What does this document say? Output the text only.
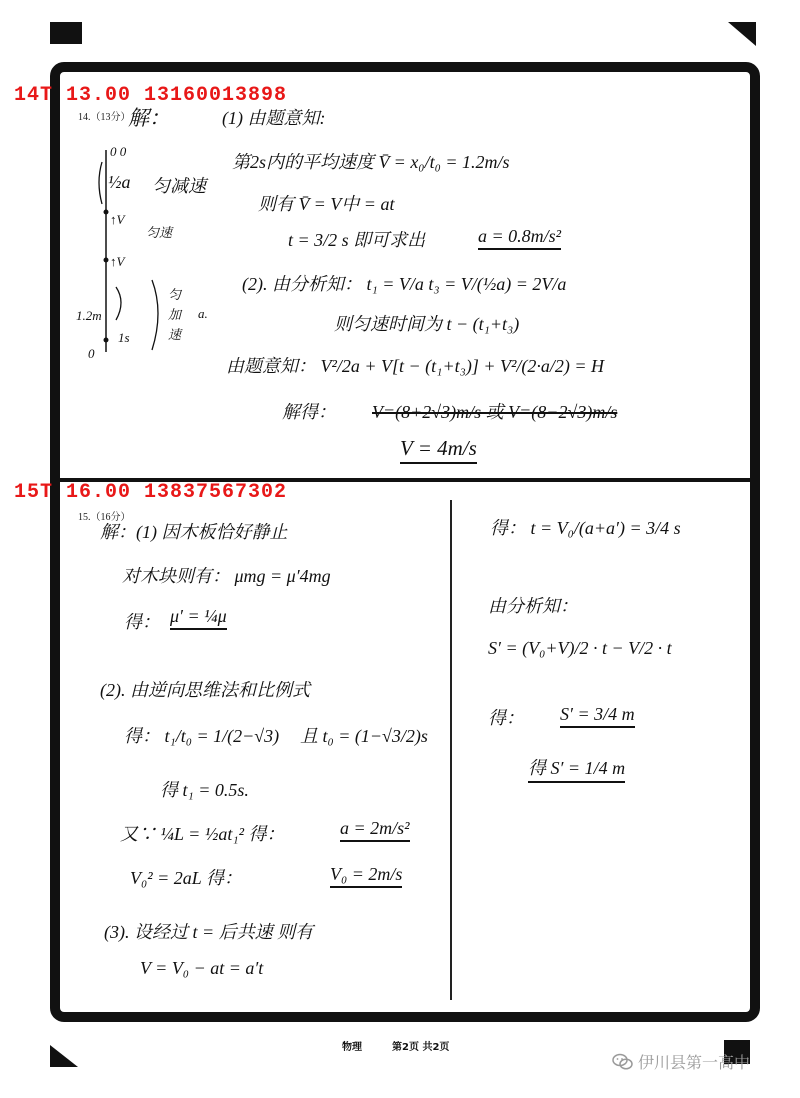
14T 13.00 13160013898
15T 16.00 13837567302
14.（13分）
解：	(1) 由题意知:
第2s内的平均速度 V̄ = x₀/t₀ = 1.2m/s
则有 V̄ = V中 = at
t = 3/2 s 即可求出	a = 0.8m/s²
(2). 由分析知： t₁ = V/a t₃ = V/(½a) = 2V/a
则匀速时间为 t − (t₁+t₃)
由题意知： V²/2a + V[t − (t₁+t₃)] + V²/(2·a/2) = H
解得： V=(8+2√3)m/s 或 V=(8−2√3)m/s
V = 4m/s
0 0
½a 匀减速
↑V
匀速
↑V
1.2m
1s
匀
加
速
a.
0
15.（16分）
解：(1) 因木板恰好静止
对木块则有： μmg = μ′4mg
得： μ′ = ¼μ
(2). 由逆向思维法和比例式
得： t₁/t₀ = 1/(2−√3) 且 t₀ = (1−√3/2)s
得 t₁ = 0.5s.
又∵ ¼L = ½at₁² 得：	a = 2m/s²
V₀² = 2aL 得：	V₀ = 2m/s
(3). 设经过 t = 后共速 则有
V = V₀ − at = a′t
得： t = V₀/(a+a′) = 3/4 s
由分析知：
S′ = (V₀+V)/2 · t − V/2 · t
得： S′ = 3/4 m
得 S′ = 1/4 m
物理	第2页 共2页
伊川县第一高中
